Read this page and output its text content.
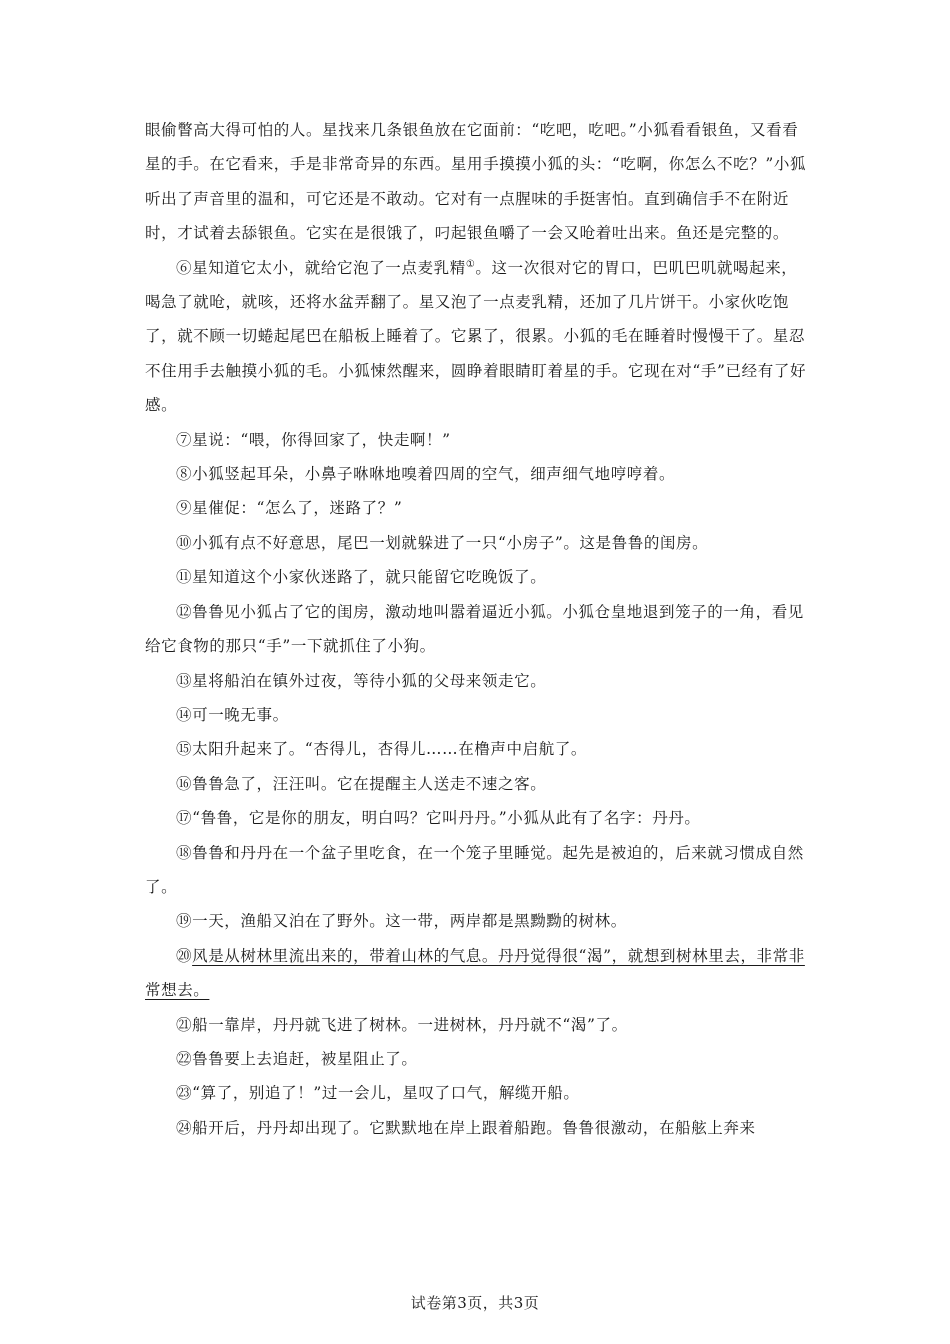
眼偷瞥高大得可怕的人。星找来几条银鱼放在它面前：“吃吧，吃吧。”小狐看看银鱼，又看看星的手。在它看来，手是非常奇异的东西。星用手摸摸小狐的头：“吃啊，你怎么不吃？”小狐听出了声音里的温和，可它还是不敢动。它对有一点腥味的手挺害怕。直到确信手不在附近时，才试着去舔银鱼。它实在是很饿了，叼起银鱼嚼了一会又呛着吐出来。鱼还是完整的。

⑥星知道它太小，就给它泡了一点麦乳精①。这一次很对它的胃口，巴叽巴叽就喝起来，喝急了就呛，就咳，还将水盆弄翻了。星又泡了一点麦乳精，还加了几片饼干。小家伙吃饱了，就不顾一切蜷起尾巴在船板上睡着了。它累了，很累。小狐的毛在睡着时慢慢干了。星忍不住用手去触摸小狐的毛。小狐悚然醒来，圆睁着眼睛盯着星的手。它现在对“手”已经有了好感。

⑦星说：“喂，你得回家了，快走啊！”

⑧小狐竖起耳朵，小鼻子咻咻地嗅着四周的空气，细声细气地哼哼着。

⑨星催促：“怎么了，迷路了？”

⑩小狐有点不好意思，尾巴一划就躲进了一只“小房子”。这是鲁鲁的闺房。

⑪星知道这个小家伙迷路了，就只能留它吃晚饭了。

⑫鲁鲁见小狐占了它的闺房，激动地叫嚣着逼近小狐。小狐仓皇地退到笼子的一角，看见给它食物的那只“手”一下就抓住了小狗。

⑬星将船泊在镇外过夜，等待小狐的父母来领走它。

⑭可一晚无事。

⑮太阳升起来了。“杏得儿，杏得儿……在橹声中启航了。

⑯鲁鲁急了，汪汪叫。它在提醒主人送走不速之客。

⑰“鲁鲁，它是你的朋友，明白吗？它叫丹丹。”小狐从此有了名字：丹丹。

⑱鲁鲁和丹丹在一个盆子里吃食，在一个笼子里睡觉。起先是被迫的，后来就习惯成自然了。

⑲一天，渔船又泊在了野外。这一带，两岸都是黑黝黝的树林。

⑳风是从树林里流出来的，带着山林的气息。丹丹觉得很“渴”，就想到树林里去，非常非常想去。

㉑船一靠岸，丹丹就飞进了树林。一进树林，丹丹就不“渴”了。

㉒鲁鲁要上去追赶，被星阻止了。

㉓“算了，别追了！”过一会儿，星叹了口气，解缆开船。

㉔船开后，丹丹却出现了。它默默地在岸上跟着船跑。鲁鲁很激动，在船舷上奔来

试卷第3页，共3页
